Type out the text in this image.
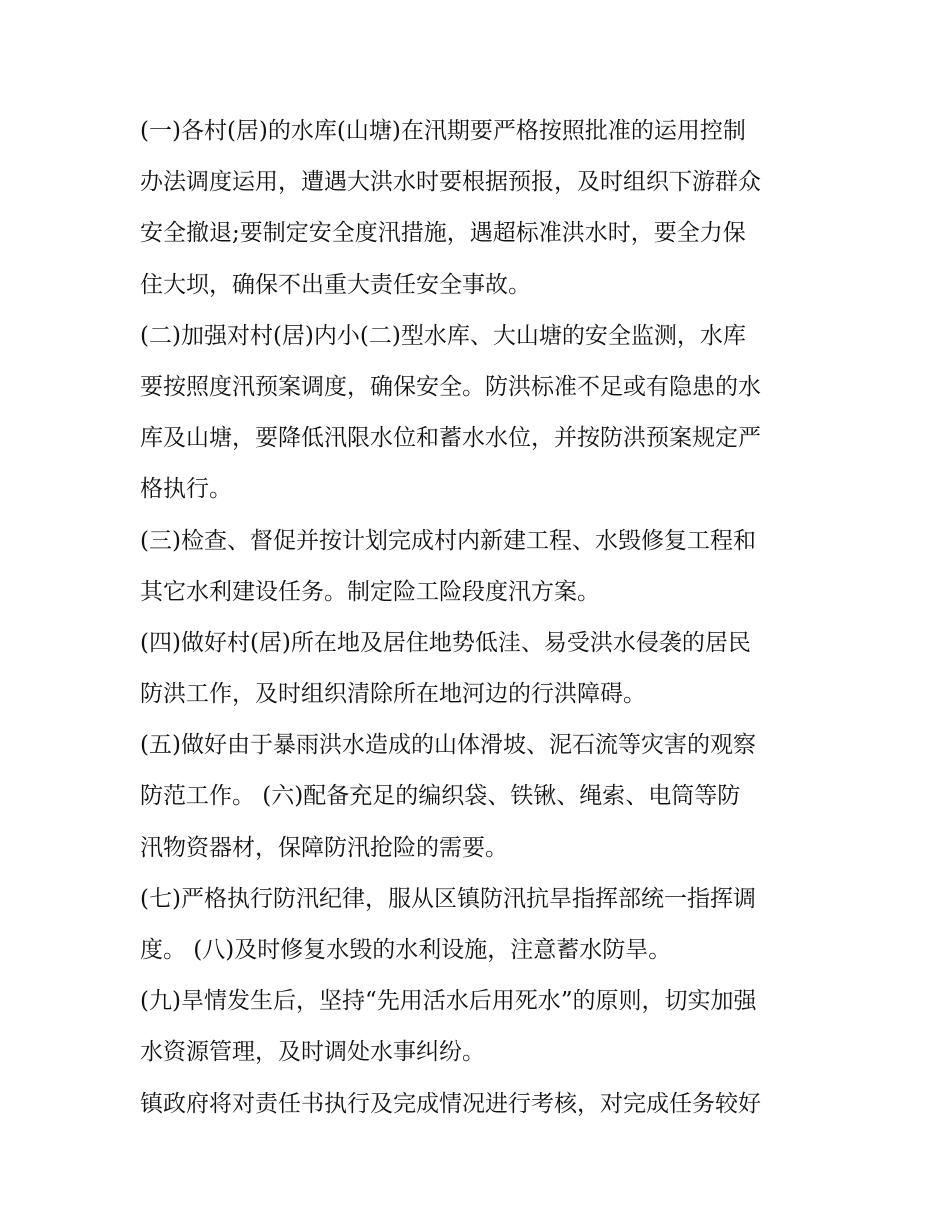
(一)各村(居)的水库(山塘)在汛期要严格按照批准的运用控制
办法调度运用，遭遇大洪水时要根据预报，及时组织下游群众
安全撤退;要制定安全度汛措施，遇超标准洪水时，要全力保
住大坝，确保不出重大责任安全事故。
(二)加强对村(居)内小(二)型水库、大山塘的安全监测，水库
要按照度汛预案调度，确保安全。防洪标准不足或有隐患的水
库及山塘，要降低汛限水位和蓄水水位，并按防洪预案规定严
格执行。
(三)检查、督促并按计划完成村内新建工程、水毁修复工程和
其它水利建设任务。制定险工险段度汛方案。
(四)做好村(居)所在地及居住地势低洼、易受洪水侵袭的居民
防洪工作，及时组织清除所在地河边的行洪障碍。
(五)做好由于暴雨洪水造成的山体滑坡、泥石流等灾害的观察
防范工作。 (六)配备充足的编织袋、铁锹、绳索、电筒等防
汛物资器材，保障防汛抢险的需要。
(七)严格执行防汛纪律，服从区镇防汛抗旱指挥部统一指挥调
度。 (八)及时修复水毁的水利设施，注意蓄水防旱。
(九)旱情发生后，坚持“先用活水后用死水”的原则，切实加强
水资源管理，及时调处水事纠纷。
镇政府将对责任书执行及完成情况进行考核，对完成任务较好
